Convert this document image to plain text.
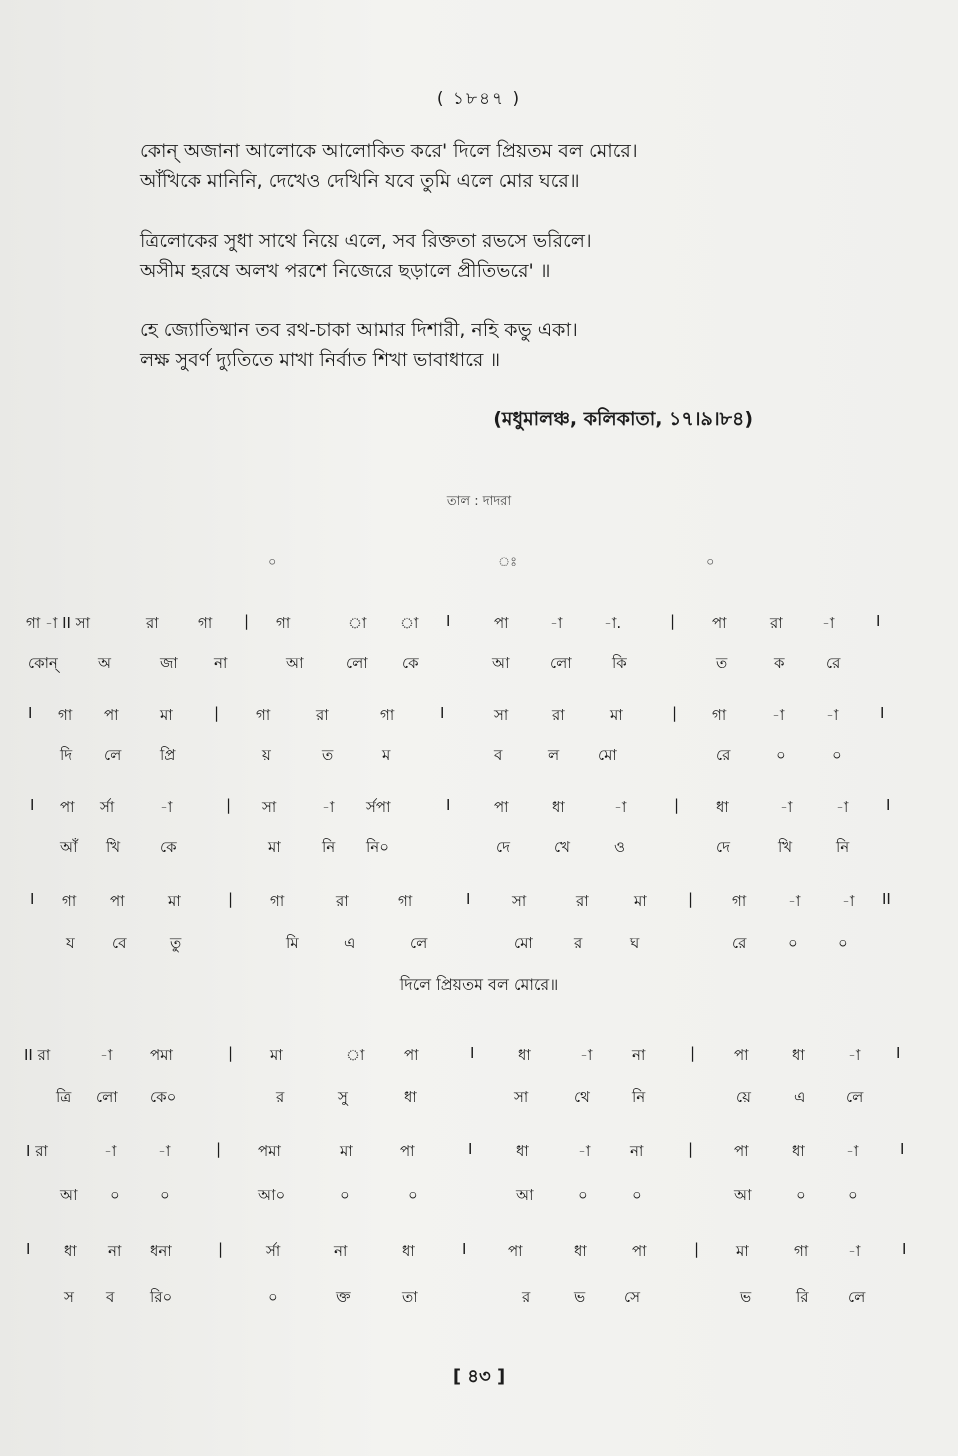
( ১৮৪৭ )
কোন্ অজানা আলোকে আলোকিত করে' দিলে প্রিয়তম বল মোরে।
আঁখিকে মানিনি, দেখেও দেখিনি যবে তুমি এলে মোর ঘরে॥
ত্রিলোকের সুধা সাথে নিয়ে এলে, সব রিক্ততা রভসে ভরিলে।
অসীম হরষে অলখ পরশে নিজেরে ছড়ালে প্রীতিভরে' ॥
হে জ্যোতিষ্মান তব রথ-চাকা আমার দিশারী, নহি কভু একা।
লক্ষ সুবর্ণ দ্যুতিতে মাখা নির্বাত শিখা ভাবাধারে ॥
(মধুমালঞ্চ, কলিকাতা, ১৭।৯।৮৪)
তাল : দাদরা
০	ঃ	০
গা -া II সা	রা	গা | গা	া া I	পা	-া	-া.	| পা	রা	-া	I
কোন্	অ	জা না	আ	লো কে	আ	লো	কি	ত	ক	রে
I গা পা	মা	| গা	রা	গা	I	সা	রা	মা	| গা	-া	-া	I
দি লে	প্রি	য়	ত	ম	ব	ল	মো	রে	০	০
I পা র্সা	-া	| সা	-া র্সপা	I	পা	ধা	-া	| ধা	-া	-া	I
আঁ খি	কে	মা	নি নি০	দে	খে	ও	দে	খি	নি
I গা পা	মা	| গা	রা	গা	I	সা	রা	মা	|	গা	-া	-া II
য বে	তু	মি	এ	লে	মো	র	ঘ	রে	০	০
দিলে প্রিয়তম বল মোরে॥
II রা	-া	পমা	| মা	া	পা	I	ধা	-া	না	|	পা	ধা	-া I
ত্রি লো কে০	র	সু	ধা	সা	থে	নি	য়ে	এ	লে
I রা	-া	-া	| পমা	মা	পা	I	ধা	-া	না	|	পা	ধা	-া	I
আ ০	০	আ০	০	০	আ	০	০	আ	০	০
I ধা না ধনা	|	র্সা	না	ধা	I	পা	ধা	পা	| মা	গা	-া	I
স ব রি০	০	ক্ত	তা	র	ভ	সে	ভ	রি	লে
[ ৪৩ ]
